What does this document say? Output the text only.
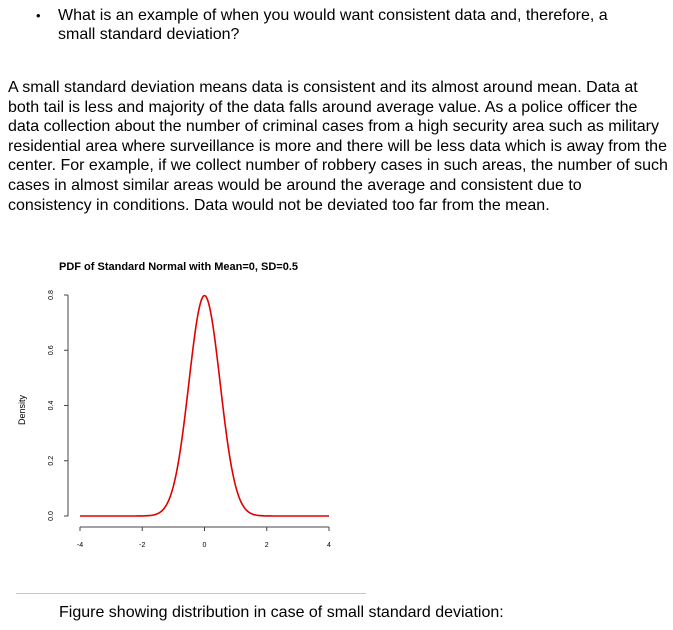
•	What is an example of when you would want consistent data and, therefore, a small standard deviation?
A small standard deviation means data is consistent and its almost around mean. Data at both tail is less and majority of the data falls around average value. As a police officer the data collection about the number of criminal cases from a high security area such as military residential area where surveillance is more and there will be less data which is away from the center. For example, if we collect number of robbery cases in such areas, the number of such cases in almost similar areas would be around the average and consistent due to consistency in conditions. Data would not be deviated too far from the mean.
PDF of Standard Normal with Mean=0, SD=0.5
Density
-4	-2	0	2	4
0.0
0.2
0.4
0.6
0.8
Figure showing distribution in case of small standard deviation:
